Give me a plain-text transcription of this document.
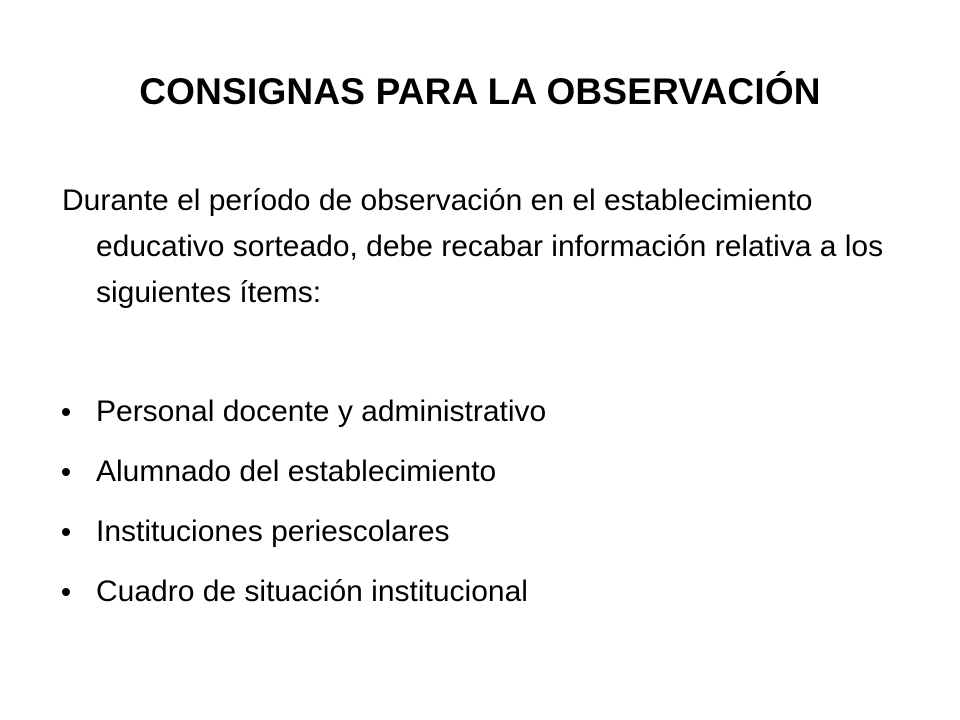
CONSIGNAS PARA LA OBSERVACIÓN
Durante el período de observación en el establecimiento educativo sorteado, debe recabar información relativa a los siguientes ítems:
Personal docente y administrativo
Alumnado del establecimiento
Instituciones periescolares
Cuadro de situación institucional
